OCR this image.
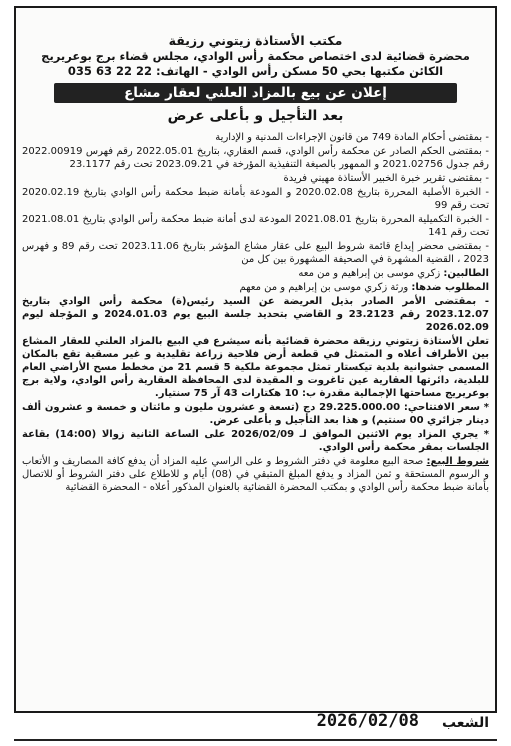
مكتب الأستاذة زيتوني رزيقة
محضرة قضائية لدى اختصاص محكمة رأس الوادي، مجلس قضاء برج بوعريريج
الكائن مكتبها بحي 50 مسكن رأس الوادي - الهاتف: 22 22 63 035
إعلان عن بيع بالمزاد العلني لعقار مشاع
بعد التأجيل و بأعلى عرض

- بمقتضى أحكام المادة 749 من قانون الإجراءات المدنية و الإدارية

- بمقتضى الحكم الصادر عن محكمة رأس الوادي، قسم العقاري، بتاريخ 2022.05.01 رقم فهرس 2022.00919 رقم جدول 2021.02756 و الممهور بالصيغة التنفيذية المؤرخة في 2023.09.21 تحت رقم 23.1177

- بمقتضى تقرير خبرة الخبير الأستاذة مهيني فريدة

- الخبرة الأصلية المحررة بتاريخ 2020.02.08 و المودعة بأمانة ضبط محكمة رأس الوادي بتاريخ 2020.02.19 تحت رقم 99

- الخبرة التكميلية المحررة بتاريخ 2021.08.01 المودعة لدى أمانة ضبط محكمة رأس الوادي بتاريخ 2021.08.01 تحت رقم 141

- بمقتضى محضر إيداع قائمة شروط البيع على عقار مشاع المؤشر بتاريخ 2023.11.06 تحت رقم 89 و فهرس 2023 ، القضية المشهرة في الصحيفة المشهورة بين كل من

الطالبين: زكري موسى بن إبراهيم و من معه

المطلوب ضدها: ورثة زكري موسى بن إبراهيم و من معهم

- بمقتضى الأمر الصادر بذيل العريضة عن السيد رئيس(ة) محكمة رأس الوادي بتاريخ 2023.12.07 رقم 23.2123 و القاضي بتحديد جلسة البيع يوم 2024.01.03 و المؤجلة ليوم 2026.02.09

تعلن الأستاذة زيتوني رزيقة محضرة قضائية بأنه سيشرع في البيع بالمزاد العلني للعقار المشاع بين الأطراف أعلاه و المتمثل في قطعة أرض فلاحية زراعة تقليدية و غير مسقية تقع بالمكان المسمى جشوانية بلدية تيكستار تمثل مجموعة ملكية 5 قسم 21 من مخطط مسح الأراضي العام للبلدية، دائرتها العقارية عين تاغروت و المقيدة لدى المحافظة العقارية رأس الوادي، ولاية برج بوعريريج مساحتها الإجمالية مقدرة ب: 10 هكتارات 43 آر 75 سنتيار.

* سعر الافتتاحي: 29.225.000.00 دج (تسعة و عشرون مليون و مائتان و خمسة و عشرون ألف دينار جزائري 00 سنتيم) و هذا بعد التأجيل و بأعلى عرض.

* يجري المزاد يوم الاثنين الموافق لـ 2026/02/09 على الساعة الثانية زوالا (14:00) بقاعة الجلسات بمقر محكمة رأس الوادي.

شروط البيع: صحة البيع معلومة في دفتر الشروط و على الراسي عليه المزاد أن يدفع كافة المصاريف و الأتعاب و الرسوم المستحقة و ثمن المزاد و يدفع المبلغ المتبقي في (08) أيام و للاطلاع على دفتر الشروط أو للاتصال بأمانة ضبط محكمة رأس الوادي و بمكتب المحضرة القضائية بالعنوان المذكور أعلاه - المحضرة القضائية

الشعب
2026/02/08
